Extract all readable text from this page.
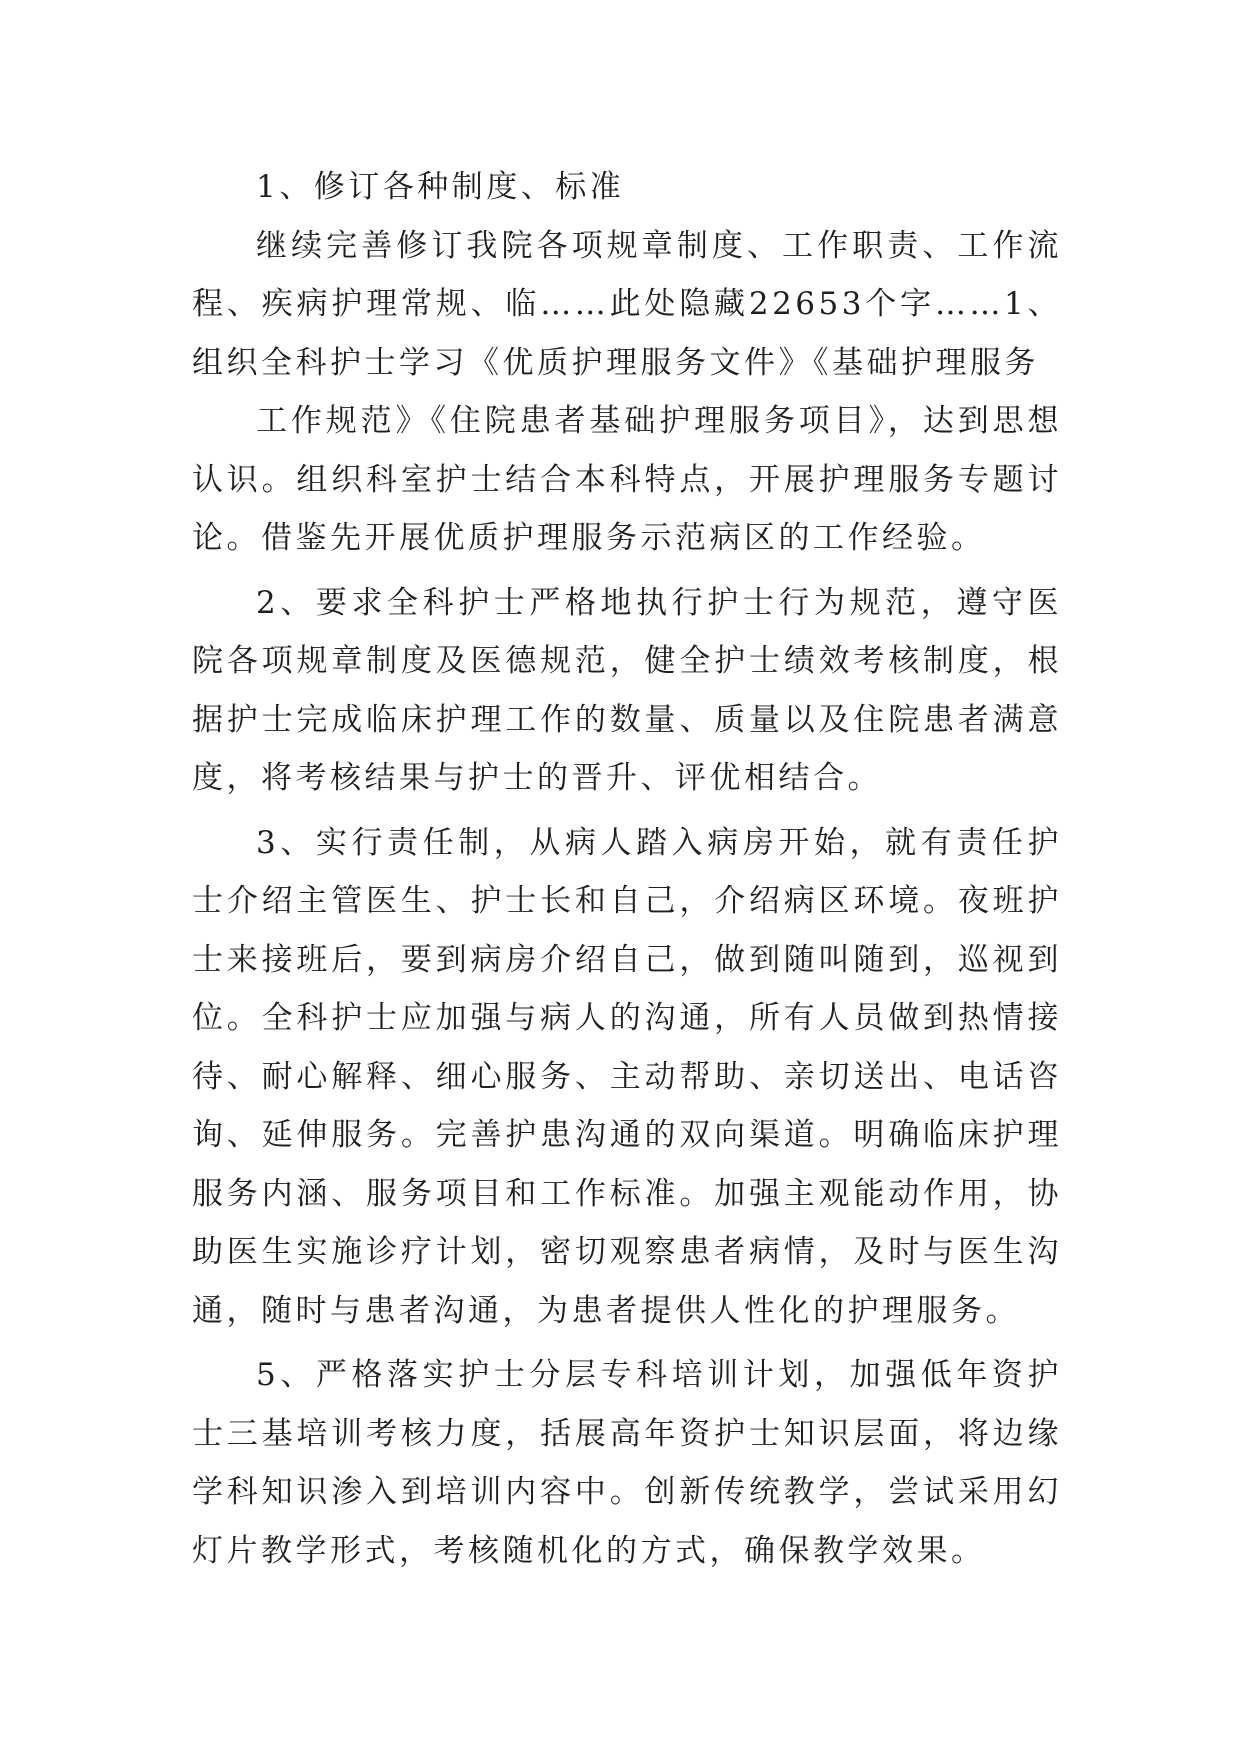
1、修订各种制度、标准

继续完善修订我院各项规章制度、工作职责、工作流程、疾病护理常规、临……此处隐藏22653个字……1、组织全科护士学习《优质护理服务文件》《基础护理服务

工作规范》《住院患者基础护理服务项目》，达到思想认识。组织科室护士结合本科特点，开展护理服务专题讨论。借鉴先开展优质护理服务示范病区的工作经验。

2、要求全科护士严格地执行护士行为规范，遵守医院各项规章制度及医德规范，健全护士绩效考核制度，根据护士完成临床护理工作的数量、质量以及住院患者满意度，将考核结果与护士的晋升、评优相结合。

3、实行责任制，从病人踏入病房开始，就有责任护士介绍主管医生、护士长和自己，介绍病区环境。夜班护士来接班后，要到病房介绍自己，做到随叫随到，巡视到位。全科护士应加强与病人的沟通，所有人员做到热情接待、耐心解释、细心服务、主动帮助、亲切送出、电话咨询、延伸服务。完善护患沟通的双向渠道。明确临床护理服务内涵、服务项目和工作标准。加强主观能动作用，协助医生实施诊疗计划，密切观察患者病情，及时与医生沟通，随时与患者沟通，为患者提供人性化的护理服务。

5、严格落实护士分层专科培训计划，加强低年资护士三基培训考核力度，括展高年资护士知识层面，将边缘学科知识渗入到培训内容中。创新传统教学，尝试采用幻灯片教学形式，考核随机化的方式，确保教学效果。
